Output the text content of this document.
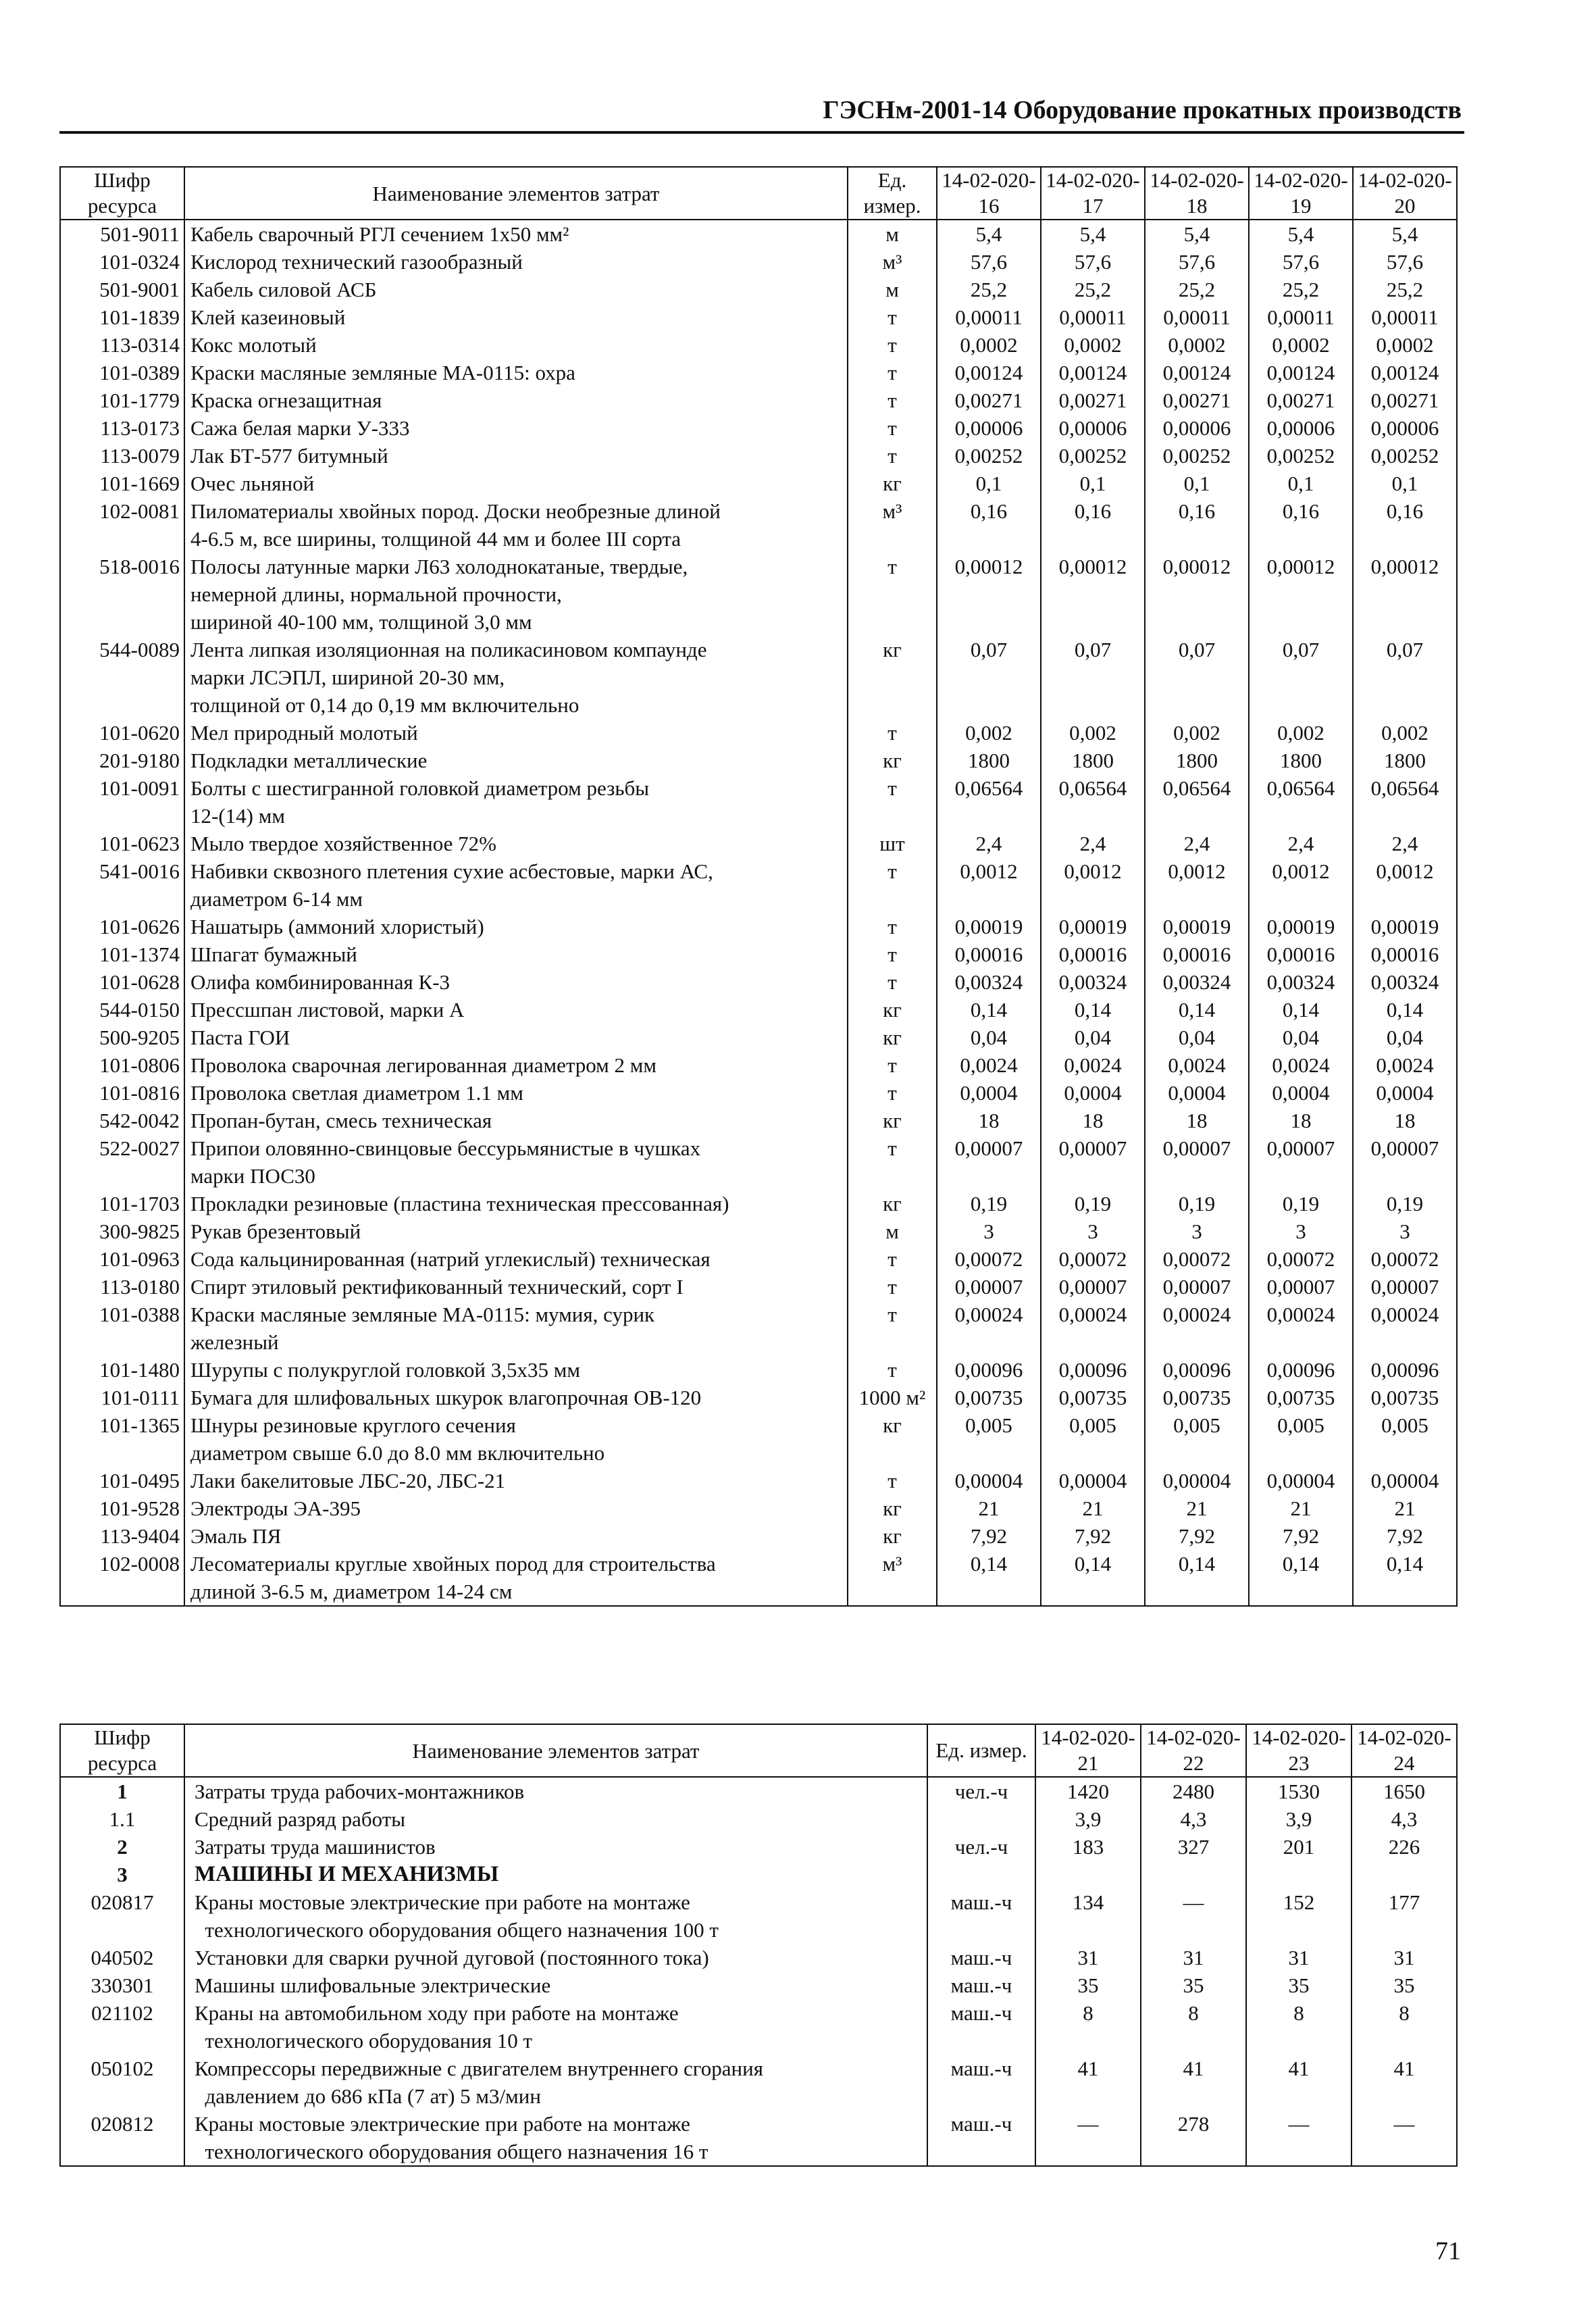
ГЭСНм-2001-14 Оборудование прокатных производств
Шифр ресурса	Наименование элементов затрат	Ед. измер.	14-02-020-16	14-02-020-17	14-02-020-18	14-02-020-19	14-02-020-20
501-9011	Кабель сварочный РГЛ сечением 1х50 мм²	м	5,4	5,4	5,4	5,4	5,4
101-0324	Кислород технический газообразный	м³	57,6	57,6	57,6	57,6	57,6
501-9001	Кабель силовой АСБ	м	25,2	25,2	25,2	25,2	25,2
101-1839	Клей казеиновый	т	0,00011	0,00011	0,00011	0,00011	0,00011
113-0314	Кокс молотый	т	0,0002	0,0002	0,0002	0,0002	0,0002
101-0389	Краски масляные земляные МА-0115: охра	т	0,00124	0,00124	0,00124	0,00124	0,00124
101-1779	Краска огнезащитная	т	0,00271	0,00271	0,00271	0,00271	0,00271
113-0173	Сажа белая марки У-333	т	0,00006	0,00006	0,00006	0,00006	0,00006
113-0079	Лак БТ-577 битумный	т	0,00252	0,00252	0,00252	0,00252	0,00252
101-1669	Очес льняной	кг	0,1	0,1	0,1	0,1	0,1
102-0081	Пиломатериалы хвойных пород. Доски необрезные длиной
4-6.5 м, все ширины, толщиной 44 мм и более III сорта	м³	0,16	0,16	0,16	0,16	0,16
518-0016	Полосы латунные марки Л63 холоднокатаные, твердые,
немерной длины, нормальной прочности,
шириной 40-100 мм, толщиной 3,0 мм	т	0,00012	0,00012	0,00012	0,00012	0,00012
544-0089	Лента липкая изоляционная на поликасиновом компаунде
марки ЛСЭПЛ, шириной 20-30 мм,
толщиной от 0,14 до 0,19 мм включительно	кг	0,07	0,07	0,07	0,07	0,07
101-0620	Мел природный молотый	т	0,002	0,002	0,002	0,002	0,002
201-9180	Подкладки металлические	кг	1800	1800	1800	1800	1800
101-0091	Болты с шестигранной головкой диаметром резьбы
12-(14) мм	т	0,06564	0,06564	0,06564	0,06564	0,06564
101-0623	Мыло твердое хозяйственное 72%	шт	2,4	2,4	2,4	2,4	2,4
541-0016	Набивки сквозного плетения сухие асбестовые, марки АС,
диаметром 6-14 мм	т	0,0012	0,0012	0,0012	0,0012	0,0012
101-0626	Нашатырь (аммоний хлористый)	т	0,00019	0,00019	0,00019	0,00019	0,00019
101-1374	Шпагат бумажный	т	0,00016	0,00016	0,00016	0,00016	0,00016
101-0628	Олифа комбинированная К-3	т	0,00324	0,00324	0,00324	0,00324	0,00324
544-0150	Прессшпан листовой, марки А	кг	0,14	0,14	0,14	0,14	0,14
500-9205	Паста ГОИ	кг	0,04	0,04	0,04	0,04	0,04
101-0806	Проволока сварочная легированная диаметром 2 мм	т	0,0024	0,0024	0,0024	0,0024	0,0024
101-0816	Проволока светлая диаметром 1.1 мм	т	0,0004	0,0004	0,0004	0,0004	0,0004
542-0042	Пропан-бутан, смесь техническая	кг	18	18	18	18	18
522-0027	Припои оловянно-свинцовые бессурьмянистые в чушках
марки ПОС30	т	0,00007	0,00007	0,00007	0,00007	0,00007
101-1703	Прокладки резиновые (пластина техническая прессованная)	кг	0,19	0,19	0,19	0,19	0,19
300-9825	Рукав брезентовый	м	3	3	3	3	3
101-0963	Сода кальцинированная (натрий углекислый) техническая	т	0,00072	0,00072	0,00072	0,00072	0,00072
113-0180	Спирт этиловый ректификованный технический, сорт I	т	0,00007	0,00007	0,00007	0,00007	0,00007
101-0388	Краски масляные земляные МА-0115: мумия, сурик
железный	т	0,00024	0,00024	0,00024	0,00024	0,00024
101-1480	Шурупы с полукруглой головкой 3,5х35 мм	т	0,00096	0,00096	0,00096	0,00096	0,00096
101-0111	Бумага для шлифовальных шкурок влагопрочная ОВ-120	1000 м²	0,00735	0,00735	0,00735	0,00735	0,00735
101-1365	Шнуры резиновые круглого сечения
диаметром свыше 6.0 до 8.0 мм включительно	кг	0,005	0,005	0,005	0,005	0,005
101-0495	Лаки бакелитовые ЛБС-20, ЛБС-21	т	0,00004	0,00004	0,00004	0,00004	0,00004
101-9528	Электроды ЭА-395	кг	21	21	21	21	21
113-9404	Эмаль ПЯ	кг	7,92	7,92	7,92	7,92	7,92
102-0008	Лесоматериалы круглые хвойных пород для строительства
длиной 3-6.5 м, диаметром 14-24 см	м³	0,14	0,14	0,14	0,14	0,14
Шифр ресурса	Наименование элементов затрат	Ед. измер.	14-02-020-21	14-02-020-22	14-02-020-23	14-02-020-24
1	Затраты труда рабочих-монтажников	чел.-ч	1420	2480	1530	1650
1.1	Средний разряд работы		3,9	4,3	3,9	4,3
2	Затраты труда машинистов	чел.-ч	183	327	201	226
3	МАШИНЫ И МЕХАНИЗМЫ					
020817	Краны мостовые электрические при работе на монтаже
технологического оборудования общего назначения 100 т	маш.-ч	134	—	152	177
040502	Установки для сварки ручной дуговой (постоянного тока)	маш.-ч	31	31	31	31
330301	Машины шлифовальные электрические	маш.-ч	35	35	35	35
021102	Краны на автомобильном ходу при работе на монтаже
технологического оборудования 10 т	маш.-ч	8	8	8	8
050102	Компрессоры передвижные с двигателем внутреннего сгорания
давлением до 686 кПа (7 ат) 5 м3/мин	маш.-ч	41	41	41	41
020812	Краны мостовые электрические при работе на монтаже
технологического оборудования общего назначения 16 т	маш.-ч	—	278	—	—
71
